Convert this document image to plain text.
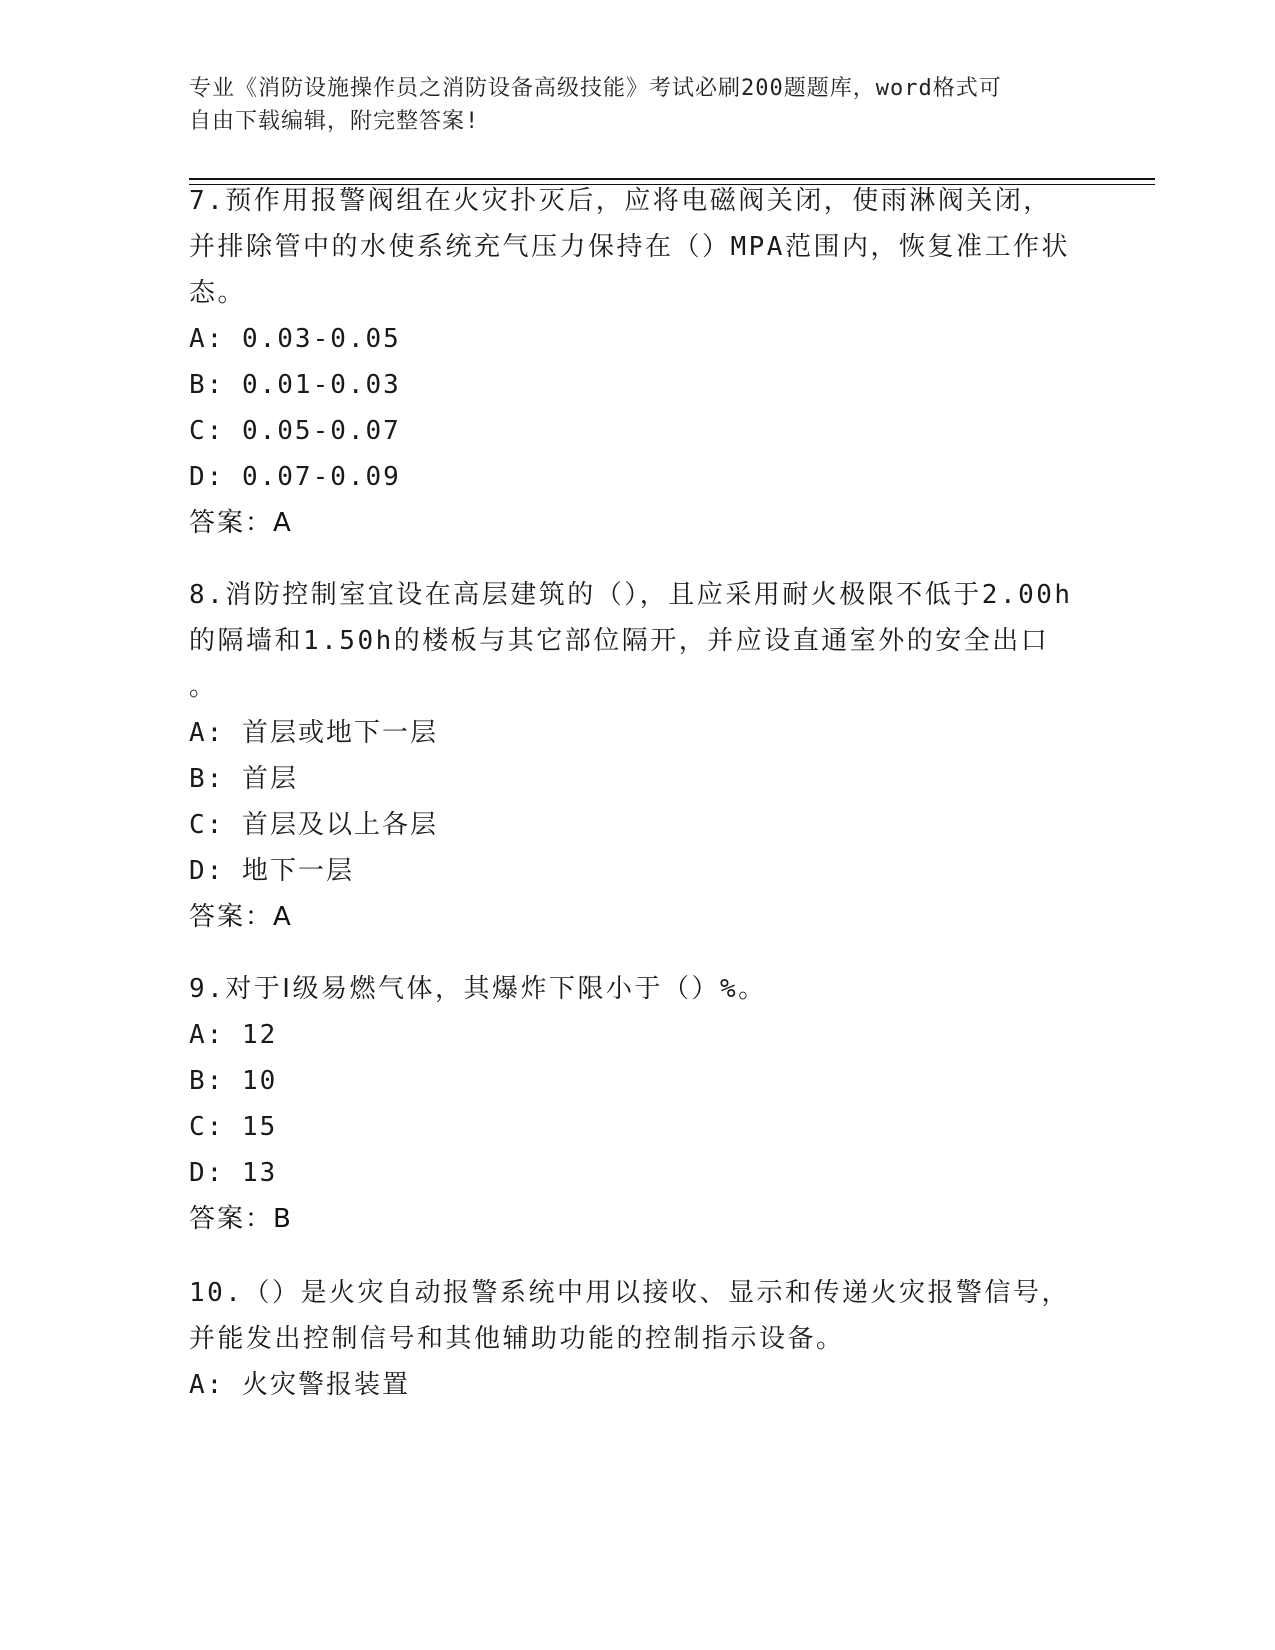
专业《消防设施操作员之消防设备高级技能》考试必刷200题题库，word格式可
自由下载编辑，附完整答案!
7.预作用报警阀组在火灾扑灭后，应将电磁阀关闭，使雨淋阀关闭，
并排除管中的水使系统充气压力保持在（）MPA范围内，恢复准工作状
态。
A: 0.03-0.05
B: 0.01-0.03
C: 0.05-0.07
D: 0.07-0.09
答案：A
8.消防控制室宜设在高层建筑的（），且应采用耐火极限不低于2.00h
的隔墙和1.50h的楼板与其它部位隔开，并应设直通室外的安全出口
。
A: 首层或地下一层
B: 首层
C: 首层及以上各层
D: 地下一层
答案：A
9.对于Ⅰ级易燃气体，其爆炸下限小于（）%。
A: 12
B: 10
C: 15
D: 13
答案：B
10.（）是火灾自动报警系统中用以接收、显示和传递火灾报警信号，
并能发出控制信号和其他辅助功能的控制指示设备。
A: 火灾警报装置
